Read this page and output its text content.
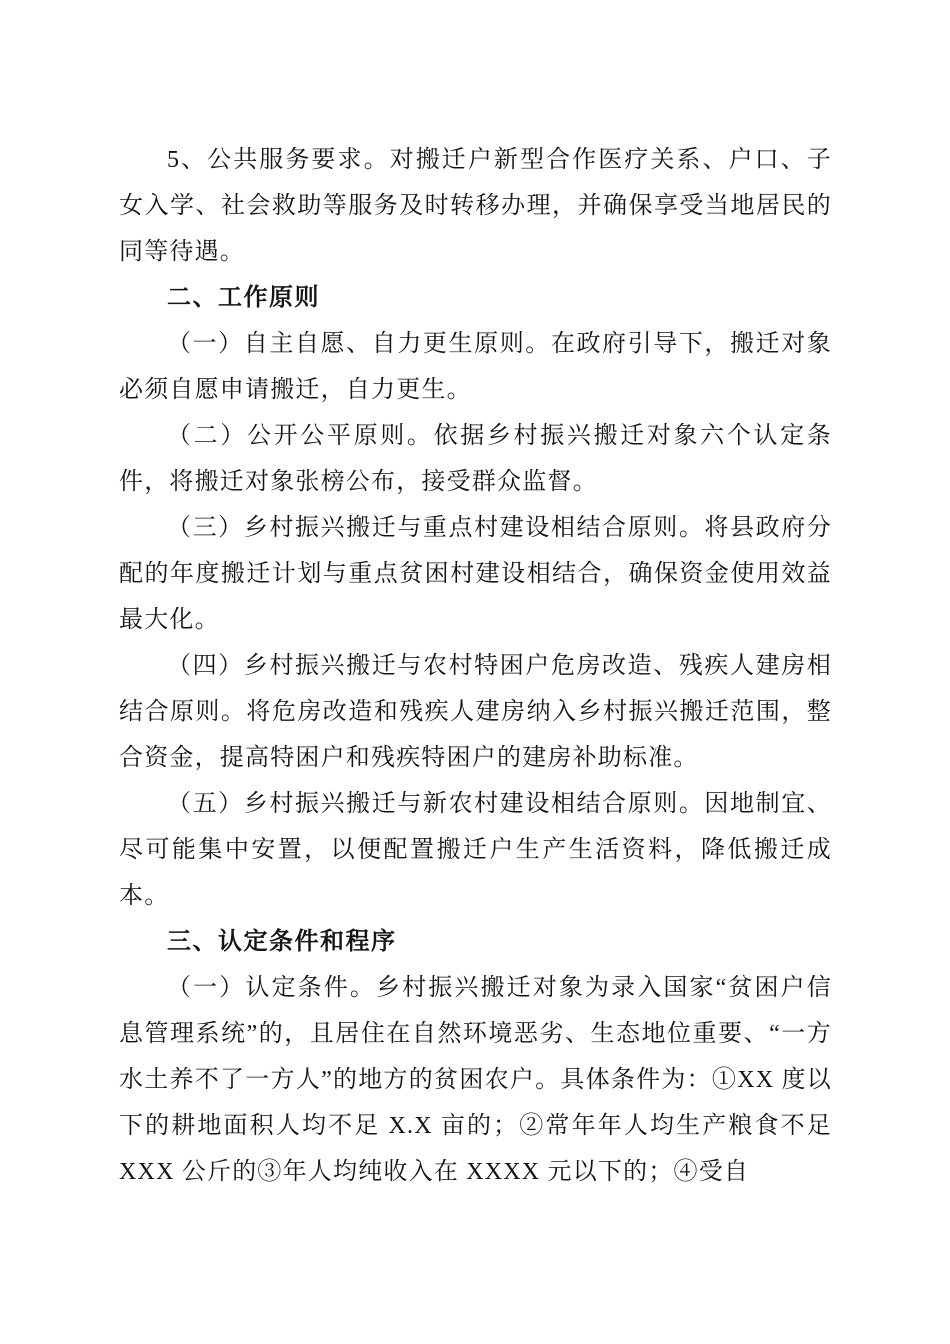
5、公共服务要求。对搬迁户新型合作医疗关系、户口、子女入学、社会救助等服务及时转移办理，并确保享受当地居民的同等待遇。

二、工作原则

（一）自主自愿、自力更生原则。在政府引导下，搬迁对象必须自愿申请搬迁，自力更生。

（二）公开公平原则。依据乡村振兴搬迁对象六个认定条件，将搬迁对象张榜公布，接受群众监督。

（三）乡村振兴搬迁与重点村建设相结合原则。将县政府分配的年度搬迁计划与重点贫困村建设相结合，确保资金使用效益最大化。

（四）乡村振兴搬迁与农村特困户危房改造、残疾人建房相结合原则。将危房改造和残疾人建房纳入乡村振兴搬迁范围，整合资金，提高特困户和残疾特困户的建房补助标准。

（五）乡村振兴搬迁与新农村建设相结合原则。因地制宜、尽可能集中安置，以便配置搬迁户生产生活资料，降低搬迁成本。

三、认定条件和程序

（一）认定条件。乡村振兴搬迁对象为录入国家“贫困户信息管理系统”的，且居住在自然环境恶劣、生态地位重要、“一方水土养不了一方人”的地方的贫困农户。具体条件为：①XX 度以下的耕地面积人均不足 X.X 亩的；②常年年人均生产粮食不足 XXX 公斤的③年人均纯收入在 XXXX 元以下的；④受自
